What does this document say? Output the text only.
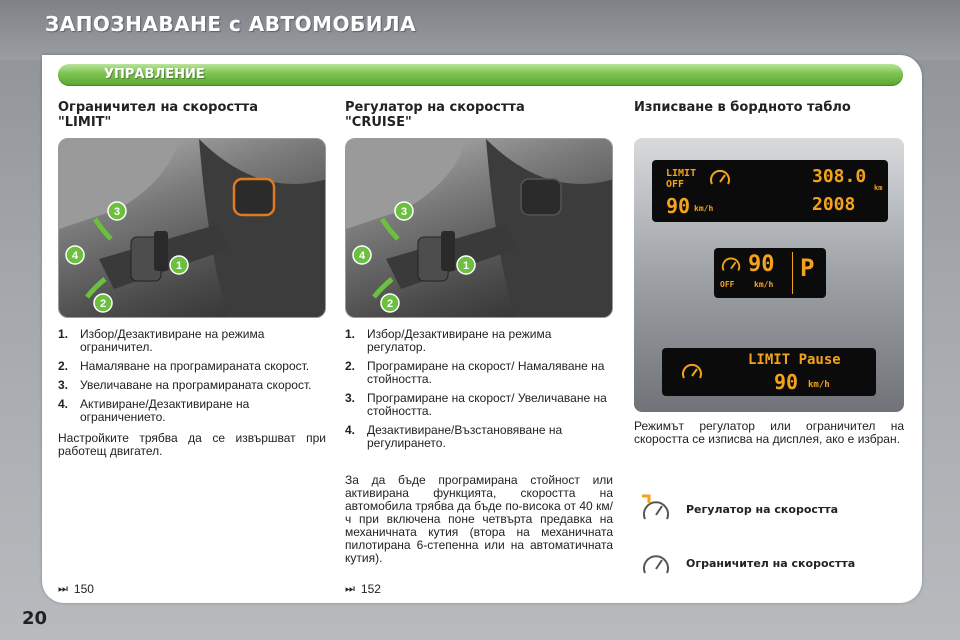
ЗАПОЗНАВАНЕ с АВТОМОБИЛА
УПРАВЛЕНИЕ
Ограничител на скоростта
"LIMIT"
3
4
1
2
1. Избор/Дезактивиране на режима ограничител.
2. Намаляване на програмираната скорост.
3. Увеличаване на програмираната скорост.
4. Активиране/Дезактивиране на ограничението.
Настройките трябва да се извършват при работещ двигател.
⏭ 150
Регулатор на скоростта
"CRUISE"
3
4
1
2
1. Избор/Дезактивиране на режима регулатор.
2. Програмиране на скорост/ Намаляване на стойността.
3. Програмиране на скорост/ Увеличаване на стойността.
4. Дезактивиране/Възстановяване на регулирането.
За да бъде програмирана стойност или активирана функцията, скоростта на автомобила трябва да бъде по-висока от 40 км/ч при включена поне четвърта предавка на механичната кутия (втора на механичната пилотирана 6-степенна или на автоматичната кутия).
⏭ 152
Изписване в бордното табло
LIMIT
OFF
90 km/h
308.0
km
2008
OFF
90
km/h
P
LIMIT Pause
90 km/h
Режимът регулатор или ограничител на скоростта се изписва на дисплея, ако е избран.
Регулатор на скоростта
Ограничител на скоростта
20
